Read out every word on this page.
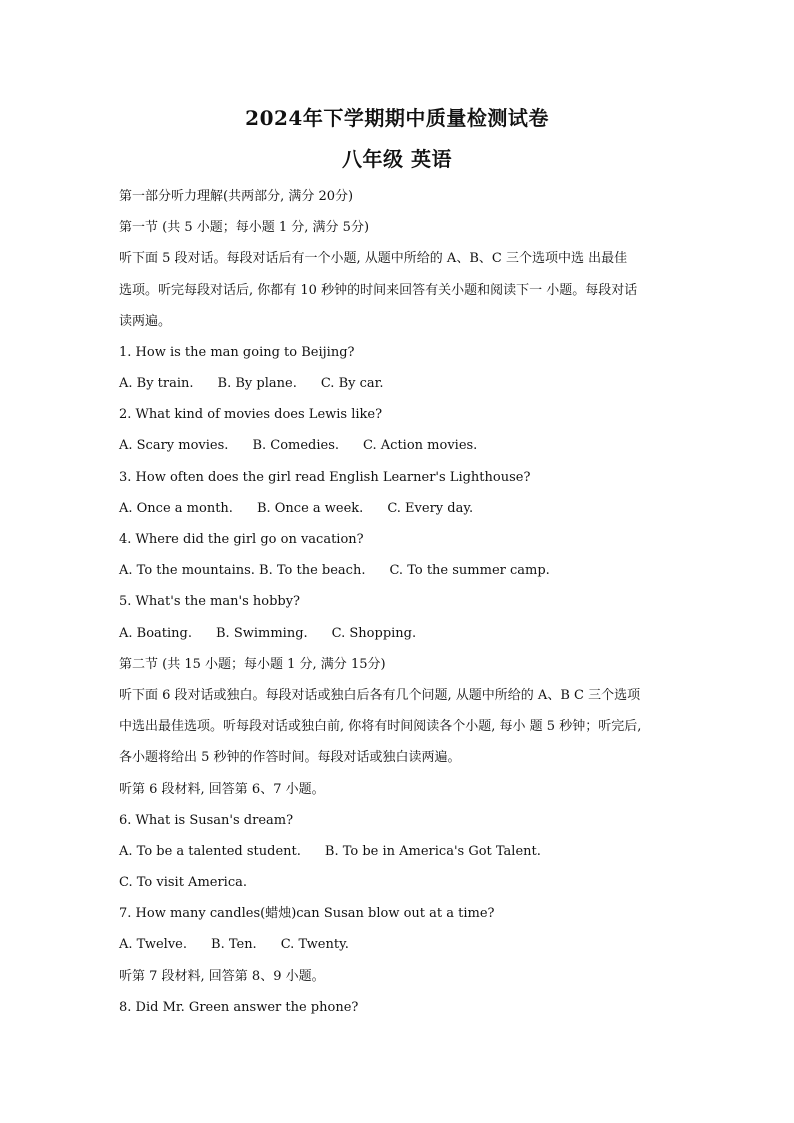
2024年下学期期中质量检测试卷
八年级 英语
第一部分听力理解(共两部分, 满分 20分)
第一节 (共 5 小题；每小题 1 分, 满分 5分)
听下面 5 段对话。每段对话后有一个小题, 从题中所给的 A、B、C 三个选项中选 出最佳
选项。听完每段对话后, 你都有 10 秒钟的时间来回答有关小题和阅读下一 小题。每段对话
读两遍。
1. How is the man going to Beijing?
A. By train. B. By plane. C. By car.
2. What kind of movies does Lewis like?
A. Scary movies. B. Comedies. C. Action movies.
3. How often does the girl read English Learner's Lighthouse?
A. Once a month. B. Once a week. C. Every day.
4. Where did the girl go on vacation?
A. To the mountains. B. To the beach. C. To the summer camp.
5. What's the man's hobby?
A. Boating. B. Swimming. C. Shopping.
第二节 (共 15 小题；每小题 1 分, 满分 15分)
听下面 6 段对话或独白。每段对话或独白后各有几个问题, 从题中所给的 A、B C 三个选项
中选出最佳选项。听每段对话或独白前, 你将有时间阅读各个小题, 每小 题 5 秒钟；听完后,
各小题将给出 5 秒钟的作答时间。每段对话或独白读两遍。
听第 6 段材料, 回答第 6、7 小题。
6. What is Susan's dream?
A. To be a talented student. B. To be in America's Got Talent.
C. To visit America.
7. How many candles(蜡烛)can Susan blow out at a time?
A. Twelve. B. Ten. C. Twenty.
听第 7 段材料, 回答第 8、9 小题。
8. Did Mr. Green answer the phone?
